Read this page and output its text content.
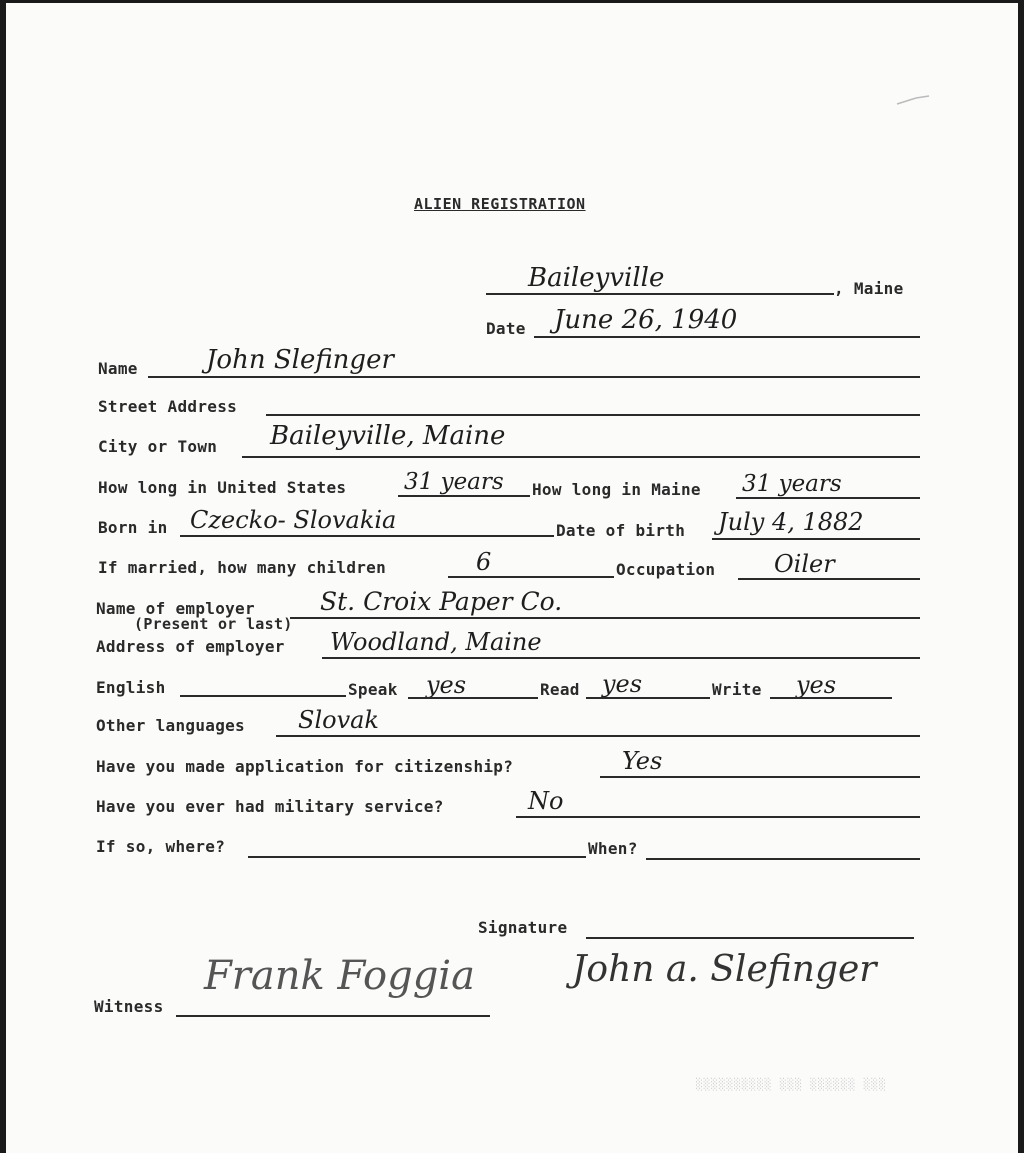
ALIEN REGISTRATION
Baileyville	, Maine
Date June 26, 1940
Name	John Slefinger
Street Address
City or Town Baileyville, Maine
How long in United States	31 years How long in Maine 31 years
Born in Czecko- Slovakia	Date of birth July 4, 1882
If married, how many children	6	Occupation Oiler
Name of employer	St. Croix Paper Co.
(Present or last)
Address of employer Woodland, Maine
English	Speak yes	Read yes	Write yes
Other languages Slovak
Have you made application for citizenship?	Yes
Have you ever had military service?	No
If so, where?	When?
Signature
John a. Slefinger
Witness
Frank Foggia
░░░░░░░░░░ ░░░ ░░░░░░ ░░░
